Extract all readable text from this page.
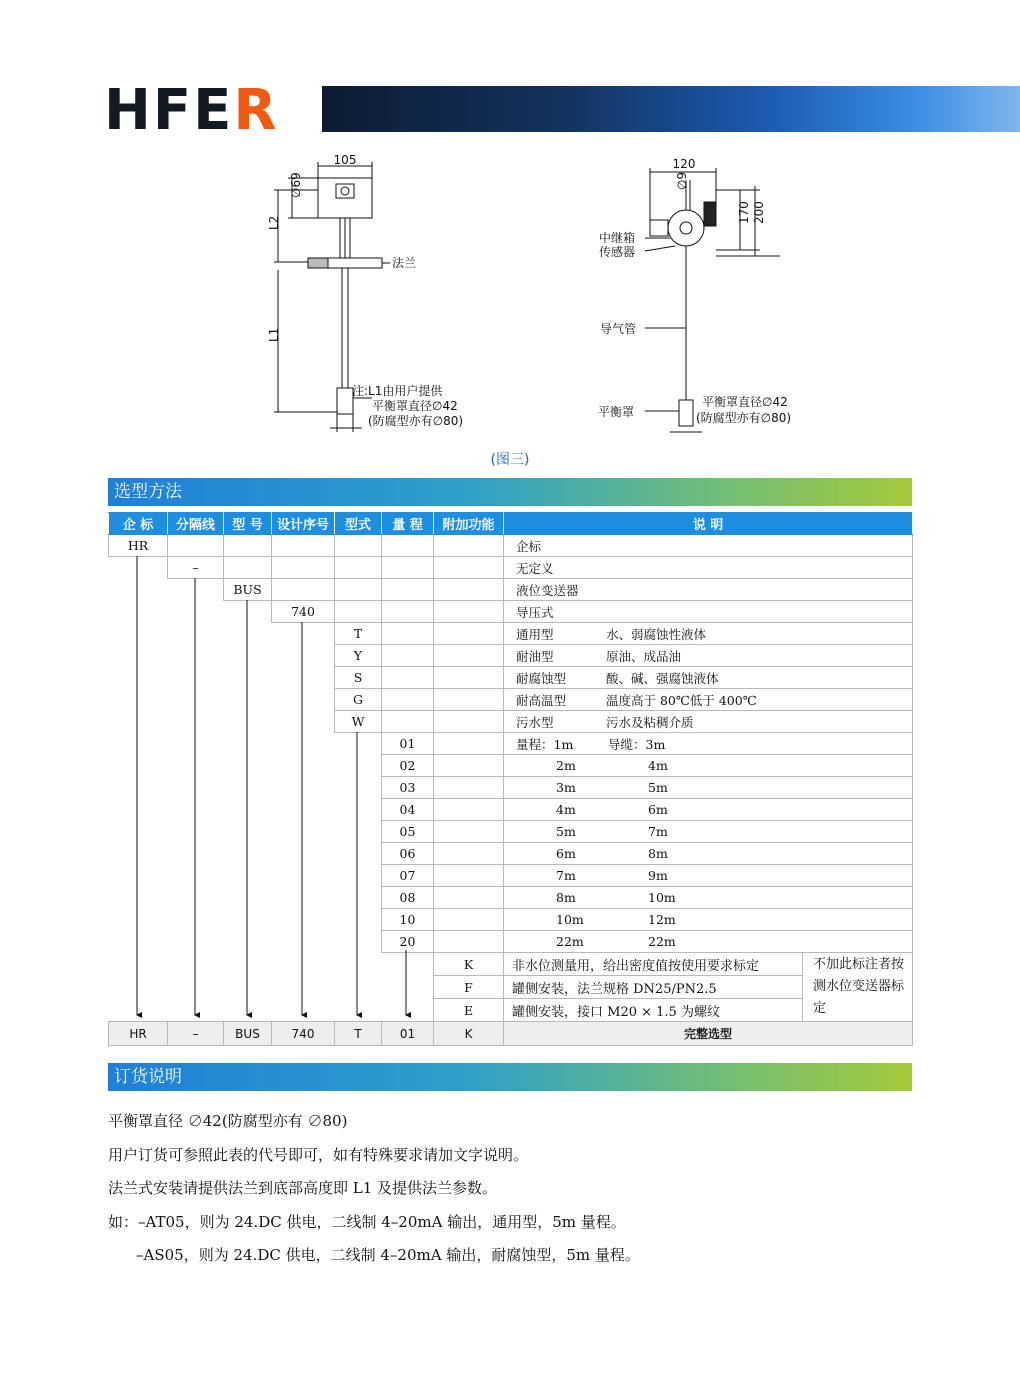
HFE R
105
∅69
L2
L1
法兰
注:L1由用户提供
平衡罩直径∅42
(防腐型亦有∅80)
120
∅9
170 200
中继箱
传感器
导气管
平衡罩
平衡罩直径∅42
(防腐型亦有∅80)
(图三)
选型方法
企 标	分隔线	型 号	设计序号	型式	量 程	附加功能	说 明	
HR							企标	
	–						无定义	
		BUS					液位变送器	
			740				导压式	
				T			通用型 水、弱腐蚀性液体	
				Y			耐油型 原油、成品油	
				S			耐腐蚀型 酸、碱、强腐蚀液体	
				G			耐高温型 温度高于 80℃低于 400℃	
				W			污水型 污水及粘稠介质	
					01		量程：1m 导缆：3m	
					02		2m 4m	
					03		3m 5m	
					04		4m 6m	
					05		5m 7m	
					06		6m 8m	
					07		7m 9m	
					08		8m 10m	
					10		10m 12m	
					20		22m 22m	
						K	非水位测量用，给出密度值按使用要求标定	不加此标注者按测水位变送器标定
						F	罐侧安装，法兰规格 DN25/PN2.5	
						E	罐侧安装，接口 M20 × 1.5 为螺纹	
HR	–	BUS	740	T	01	K	完整选型	
订货说明

平衡罩直径 ∅42(防腐型亦有 ∅80)

用户订货可参照此表的代号即可，如有特殊要求请加文字说明。

法兰式安装请提供法兰到底部高度即 L1 及提供法兰参数。

如：–AT05，则为 24.DC 供电，二线制 4–20mA 输出，通用型，5m 量程。

–AS05，则为 24.DC 供电，二线制 4–20mA 输出，耐腐蚀型，5m 量程。
